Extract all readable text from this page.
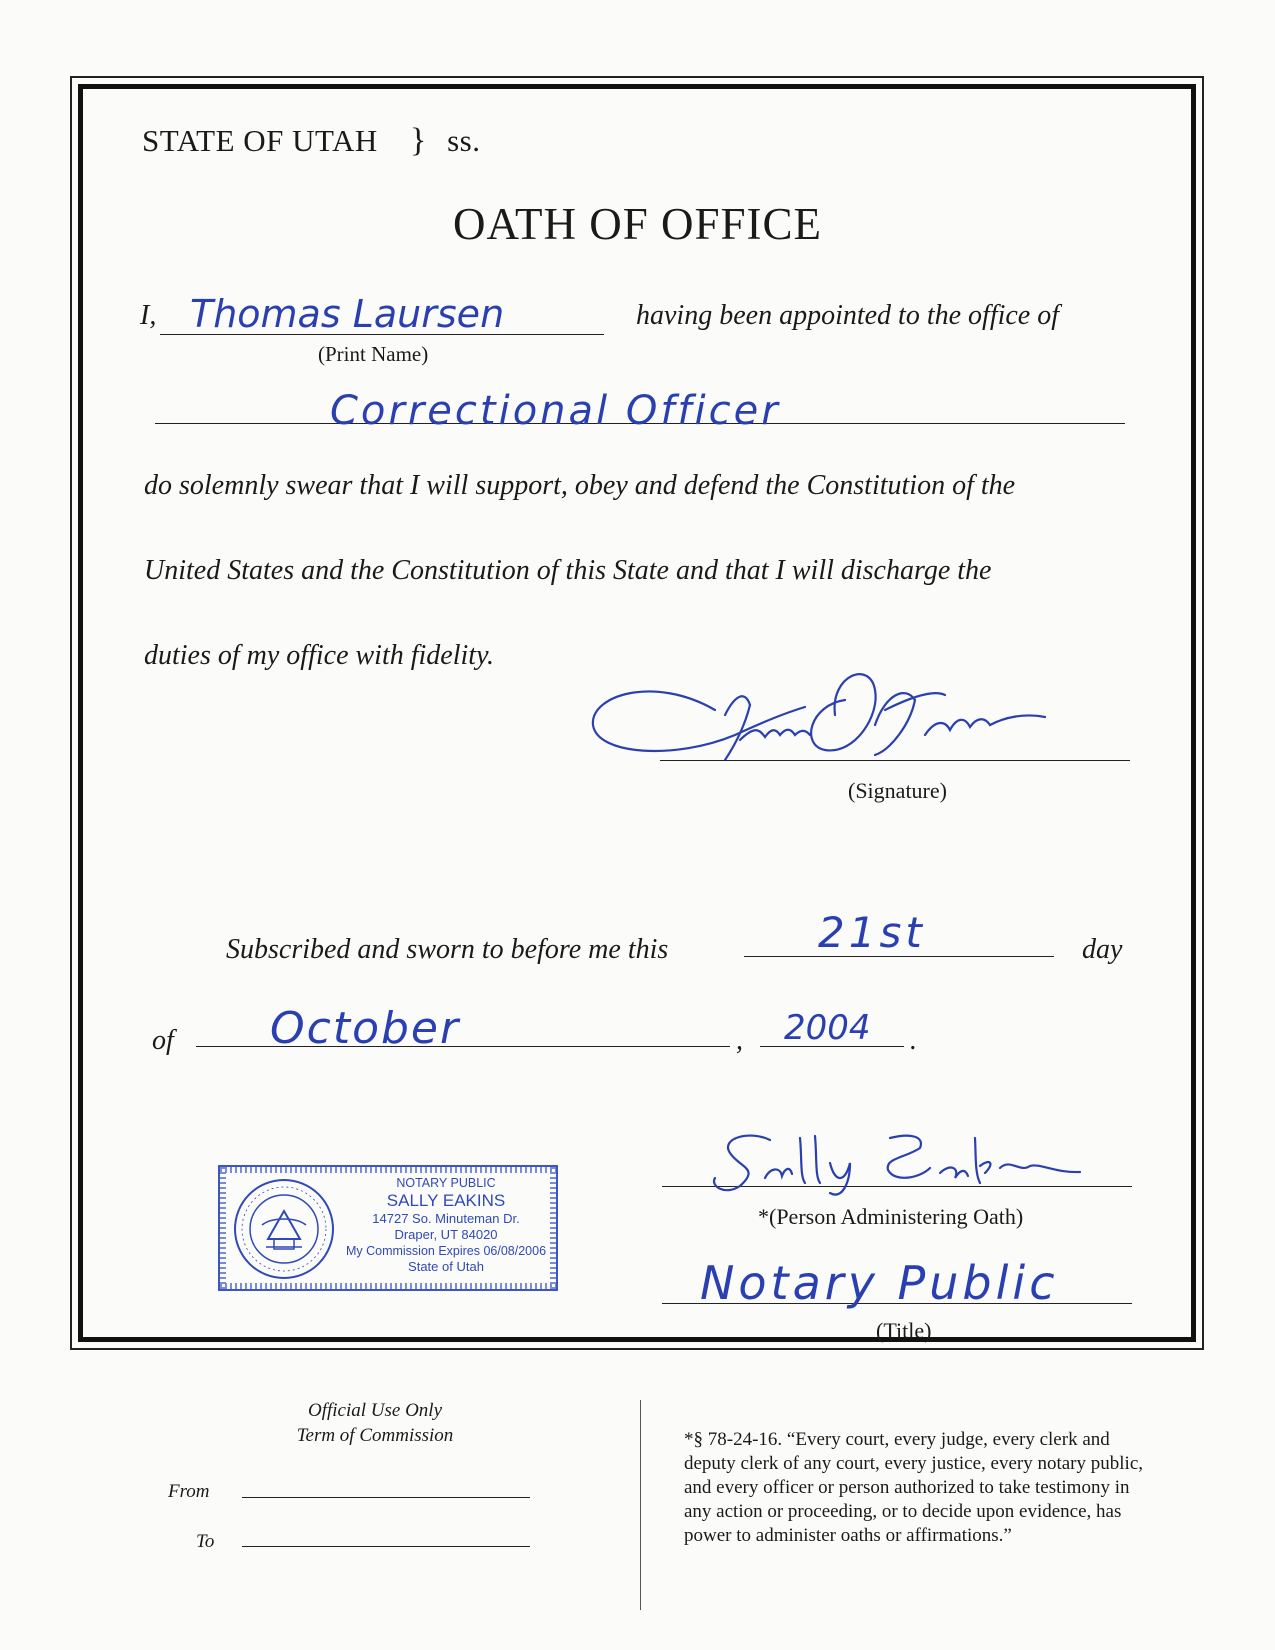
STATE OF UTAH } ss.
OATH OF OFFICE
I, Thomas Laursen
(Print Name)
having been appointed to the office of
Correctional Officer
do solemnly swear that I will support, obey and defend the Constitution of the
United States and the Constitution of this State and that I will discharge the
duties of my office with fidelity.
(Signature)
Subscribed and sworn to before me this	21st	day
of October	, 2004 .
NOTARY PUBLIC
SALLY EAKINS
14727 So. Minuteman Dr.
Draper, UT 84020
My Commission Expires 06/08/2006
State of Utah
*(Person Administering Oath)
Notary Public
(Title)
Official Use Only
Term of Commission
From
To
*§ 78-24-16. “Every court, every judge, every clerk and
deputy clerk of any court, every justice, every notary public,
and every officer or person authorized to take testimony in
any action or proceeding, or to decide upon evidence, has
power to administer oaths or affirmations.”
